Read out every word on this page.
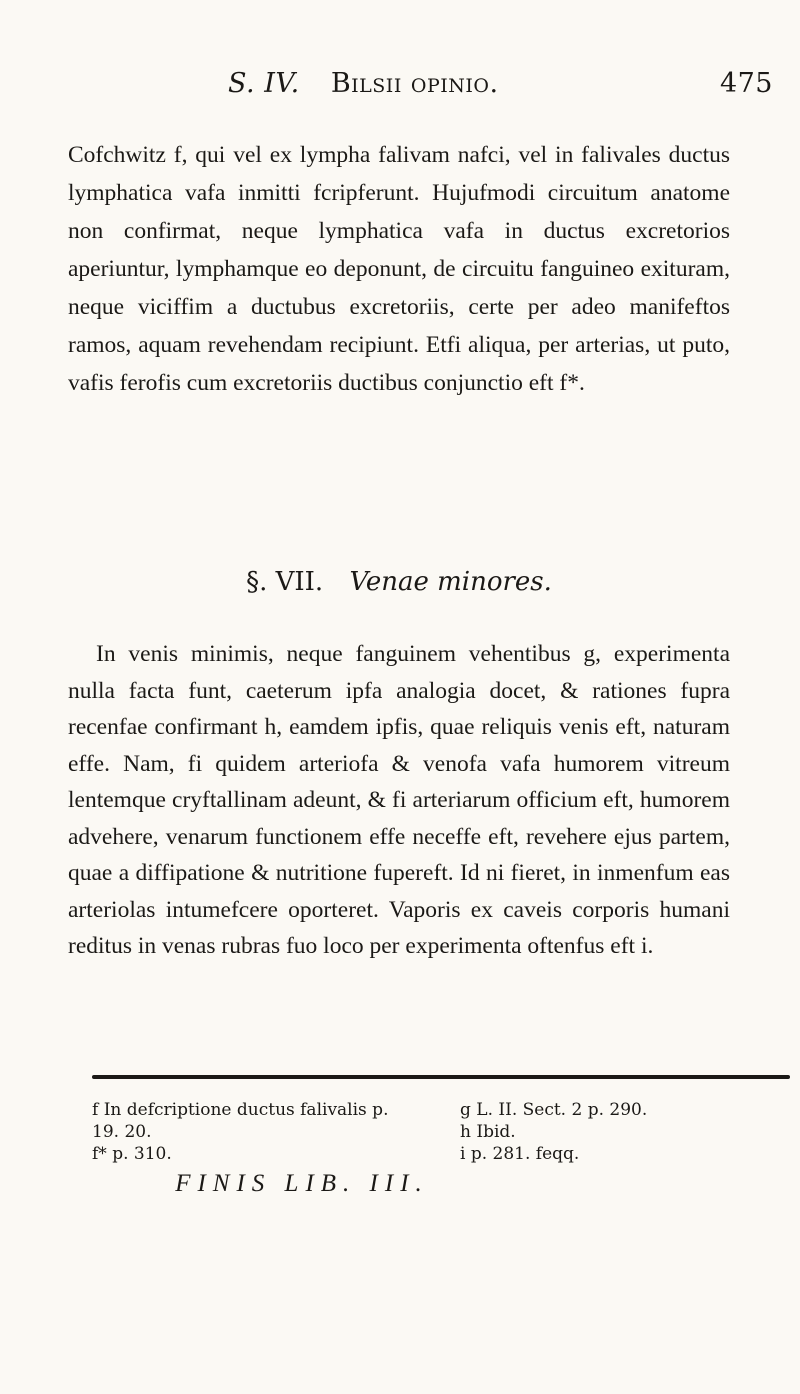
S. IV. Bilsii opinio.	475
Cofchwitz f, qui vel ex lympha falivam nafci, vel in falivales ductus lymphatica vafa inmitti fcripferunt. Hujufmodi circuitum anatome non confirmat, neque lymphatica vafa in ductus excretorios aperiuntur, lymphamque eo deponunt, de circuitu fanguineo exituram, neque viciffim a ductubus excretoriis, certe per adeo manifeftos ramos, aquam revehendam recipiunt. Etfi aliqua, per arterias, ut puto, vafis ferofis cum excretoriis ductibus conjunctio eft f*.
§. VII. Venae minores.
In venis minimis, neque fanguinem vehentibus g, experimenta nulla facta funt, caeterum ipfa analogia docet, & rationes fupra recenfae confirmant h, eamdem ipfis, quae reliquis venis eft, naturam effe. Nam, fi quidem arteriofa & venofa vafa humorem vitreum lentemque cryftallinam adeunt, & fi arteriarum officium eft, humorem advehere, venarum functionem effe neceffe eft, revehere ejus partem, quae a diffipatione & nutritione fupereft. Id ni fieret, in inmenfum eas arteriolas intumefcere oporteret. Vaporis ex caveis corporis humani reditus in venas rubras fuo loco per experimenta oftenfus eft i.

f In defcriptione ductus falivalis p. 19. 20.

f* p. 310.

g L. II. Sect. 2 p. 290.

h Ibid.

i p. 281. feqq.

FINIS LIB. III.
